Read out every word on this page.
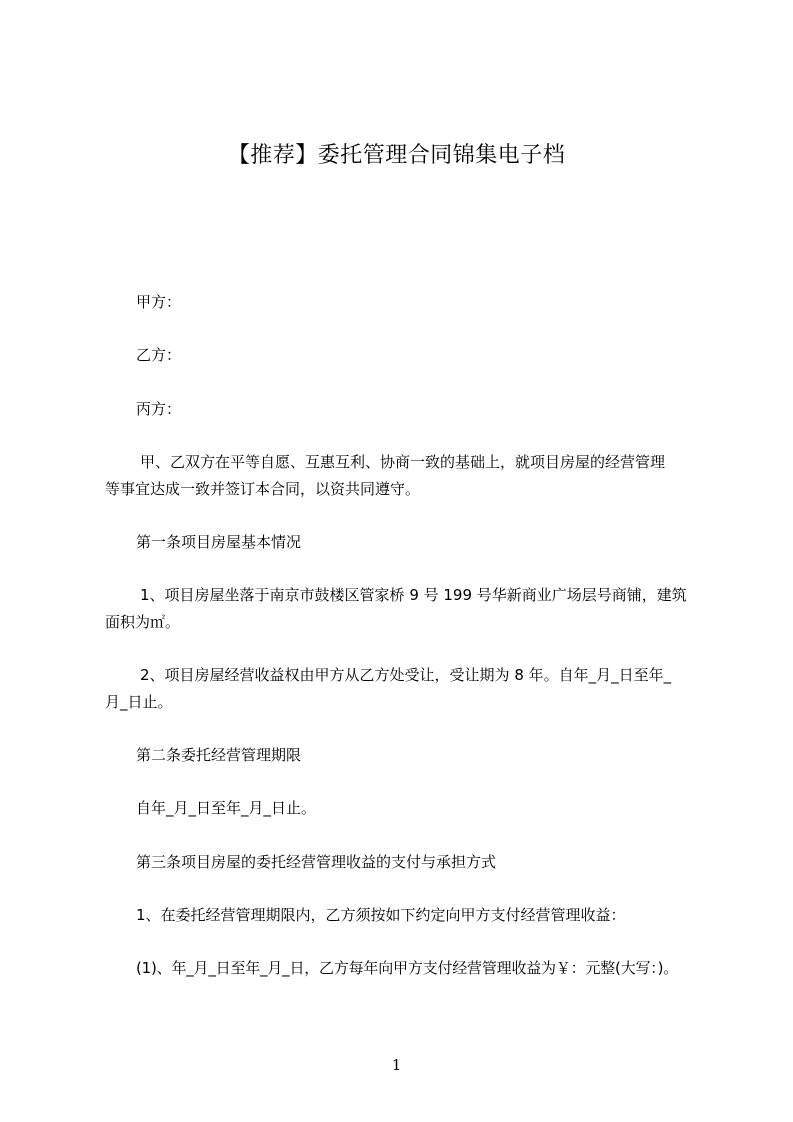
【推荐】委托管理合同锦集电子档
甲方：
乙方：
丙方：
甲、乙双方在平等自愿、互惠互利、协商一致的基础上，就项目房屋的经营管理
等事宜达成一致并签订本合同，以资共同遵守。
第一条项目房屋基本情况
1、项目房屋坐落于南京市鼓楼区管家桥 9 号 199 号华新商业广场层号商铺，建筑
面积为㎡。
2、项目房屋经营收益权由甲方从乙方处受让，受让期为 8 年。自年_月_日至年_
月_日止。
第二条委托经营管理期限
自年_月_日至年_月_日止。
第三条项目房屋的委托经营管理收益的支付与承担方式
1、在委托经营管理期限内，乙方须按如下约定向甲方支付经营管理收益：
(1)、年_月_日至年_月_日，乙方每年向甲方支付经营管理收益为￥：元整(大写：)。
1
